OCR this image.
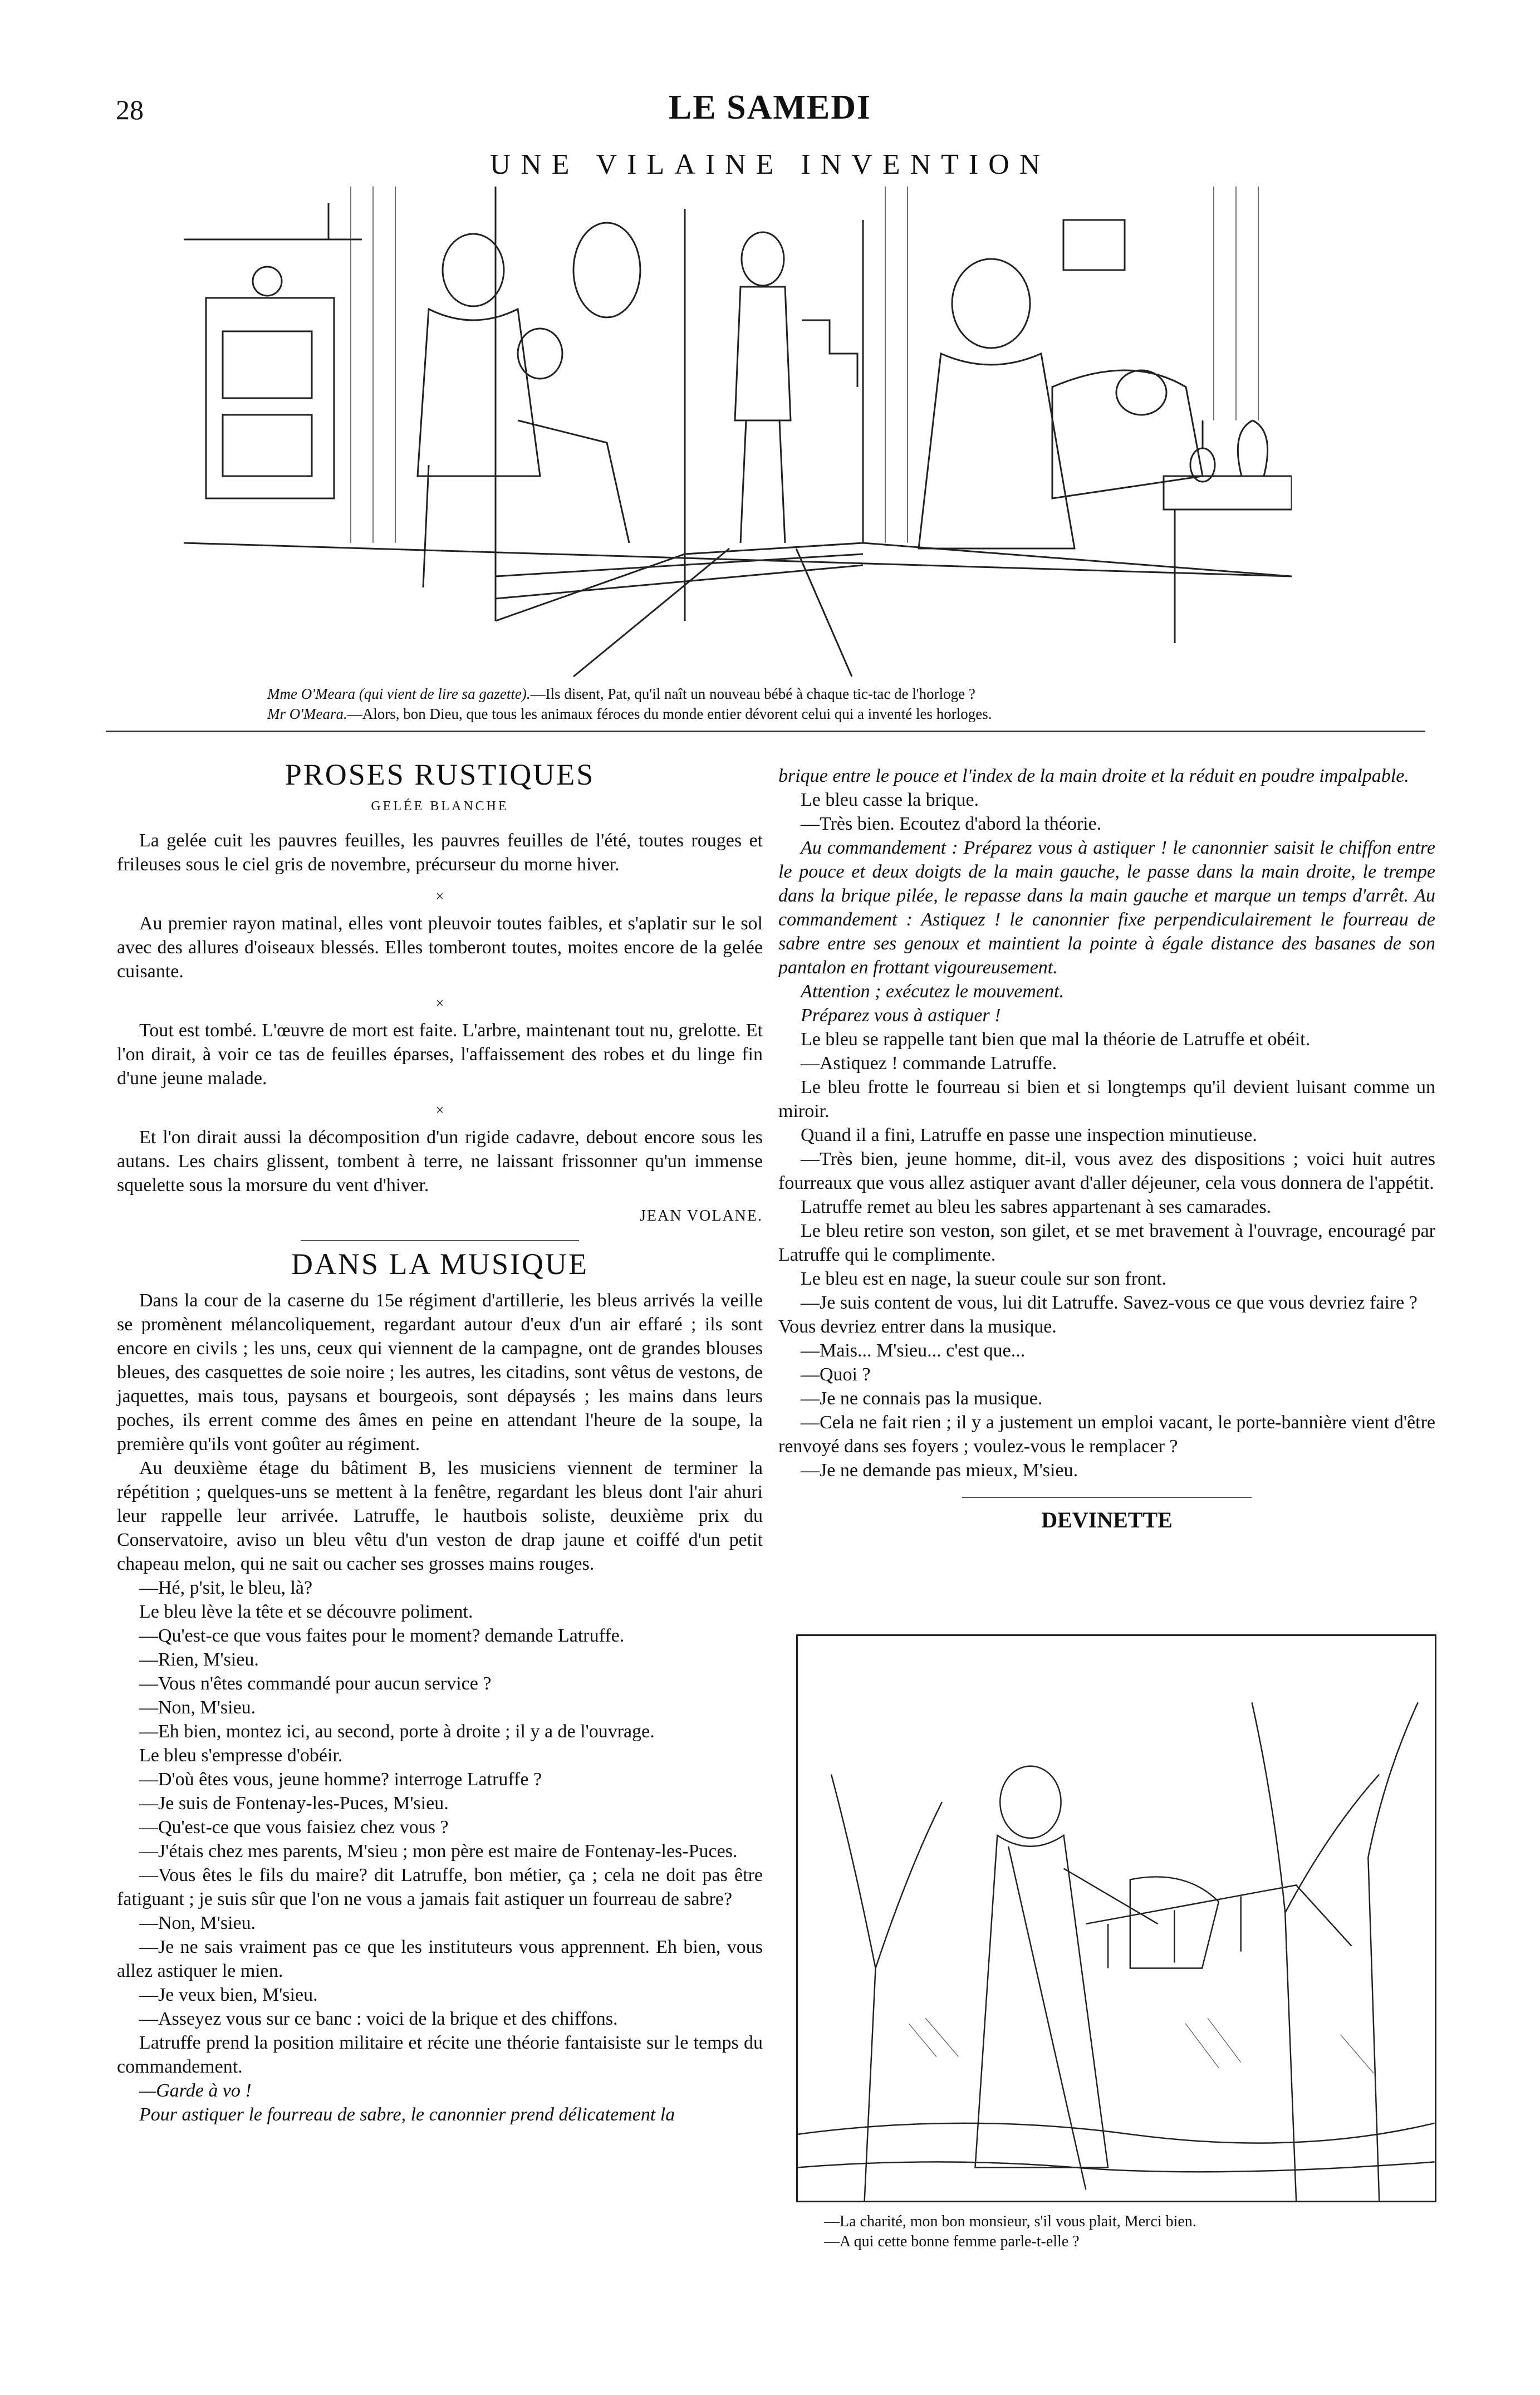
28	LE SAMEDI
UNE VILAINE INVENTION
Mme O'Meara (qui vient de lire sa gazette).—Ils disent, Pat, qu'il naît un nouveau bébé à chaque tic-tac de l'horloge ?
Mr O'Meara.—Alors, bon Dieu, que tous les animaux féroces du monde entier dévorent celui qui a inventé les horloges.
PROSES RUSTIQUES
GELÉE BLANCHE

La gelée cuit les pauvres feuilles, les pauvres feuilles de l'été, toutes rouges et frileuses sous le ciel gris de novembre, précurseur du morne hiver.

×

Au premier rayon matinal, elles vont pleuvoir toutes faibles, et s'aplatir sur le sol avec des allures d'oiseaux blessés. Elles tomberont toutes, moites encore de la gelée cuisante.

×

Tout est tombé. L'œuvre de mort est faite. L'arbre, maintenant tout nu, grelotte. Et l'on dirait, à voir ce tas de feuilles éparses, l'affaissement des robes et du linge fin d'une jeune malade.

×

Et l'on dirait aussi la décomposition d'un rigide cadavre, debout encore sous les autans. Les chairs glissent, tombent à terre, ne laissant frissonner qu'un immense squelette sous la morsure du vent d'hiver.

JEAN VOLANE.
DANS LA MUSIQUE

Dans la cour de la caserne du 15e régiment d'artillerie, les bleus arrivés la veille se promènent mélancoliquement, regardant autour d'eux d'un air effaré ; ils sont encore en civils ; les uns, ceux qui viennent de la campagne, ont de grandes blouses bleues, des casquettes de soie noire ; les autres, les citadins, sont vêtus de vestons, de jaquettes, mais tous, paysans et bourgeois, sont dépaysés ; les mains dans leurs poches, ils errent comme des âmes en peine en attendant l'heure de la soupe, la première qu'ils vont goûter au régiment.

Au deuxième étage du bâtiment B, les musiciens viennent de terminer la répétition ; quelques-uns se mettent à la fenêtre, regardant les bleus dont l'air ahuri leur rappelle leur arrivée. Latruffe, le hautbois soliste, deuxième prix du Conservatoire, aviso un bleu vêtu d'un veston de drap jaune et coiffé d'un petit chapeau melon, qui ne sait ou cacher ses grosses mains rouges.

—Hé, p'sit, le bleu, là?

Le bleu lève la tête et se découvre poliment.

—Qu'est-ce que vous faites pour le moment? demande Latruffe.

—Rien, M'sieu.

—Vous n'êtes commandé pour aucun service ?

—Non, M'sieu.

—Eh bien, montez ici, au second, porte à droite ; il y a de l'ouvrage.

Le bleu s'empresse d'obéir.

—D'où êtes vous, jeune homme? interroge Latruffe ?

—Je suis de Fontenay-les-Puces, M'sieu.

—Qu'est-ce que vous faisiez chez vous ?

—J'étais chez mes parents, M'sieu ; mon père est maire de Fontenay-les-Puces.

—Vous êtes le fils du maire? dit Latruffe, bon métier, ça ; cela ne doit pas être fatiguant ; je suis sûr que l'on ne vous a jamais fait astiquer un fourreau de sabre?

—Non, M'sieu.

—Je ne sais vraiment pas ce que les instituteurs vous apprennent. Eh bien, vous allez astiquer le mien.

—Je veux bien, M'sieu.

—Asseyez vous sur ce banc : voici de la brique et des chiffons.

Latruffe prend la position militaire et récite une théorie fantaisiste sur le temps du commandement.

—Garde à vo !

Pour astiquer le fourreau de sabre, le canonnier prend délicatement la

brique entre le pouce et l'index de la main droite et la réduit en poudre impalpable.

Le bleu casse la brique.

—Très bien. Ecoutez d'abord la théorie.

Au commandement : Préparez vous à astiquer ! le canonnier saisit le chiffon entre le pouce et deux doigts de la main gauche, le passe dans la main droite, le trempe dans la brique pilée, le repasse dans la main gauche et marque un temps d'arrêt. Au commandement : Astiquez ! le canonnier fixe perpendiculairement le fourreau de sabre entre ses genoux et maintient la pointe à égale distance des basanes de son pantalon en frottant vigoureusement.

Attention ; exécutez le mouvement.

Préparez vous à astiquer !

Le bleu se rappelle tant bien que mal la théorie de Latruffe et obéit.

—Astiquez ! commande Latruffe.

Le bleu frotte le fourreau si bien et si longtemps qu'il devient luisant comme un miroir.

Quand il a fini, Latruffe en passe une inspection minutieuse.

—Très bien, jeune homme, dit-il, vous avez des dispositions ; voici huit autres fourreaux que vous allez astiquer avant d'aller déjeuner, cela vous donnera de l'appétit.

Latruffe remet au bleu les sabres appartenant à ses camarades.

Le bleu retire son veston, son gilet, et se met bravement à l'ouvrage, encouragé par Latruffe qui le complimente.

Le bleu est en nage, la sueur coule sur son front.

—Je suis content de vous, lui dit Latruffe. Savez-vous ce que vous devriez faire ?

Vous devriez entrer dans la musique.

—Mais... M'sieu... c'est que...

—Quoi ?

—Je ne connais pas la musique.

—Cela ne fait rien ; il y a justement un emploi vacant, le porte-bannière vient d'être renvoyé dans ses foyers ; voulez-vous le remplacer ?

—Je ne demande pas mieux, M'sieu.

DEVINETTE
—La charité, mon bon monsieur, s'il vous plait, Merci bien.
—A qui cette bonne femme parle-t-elle ?
